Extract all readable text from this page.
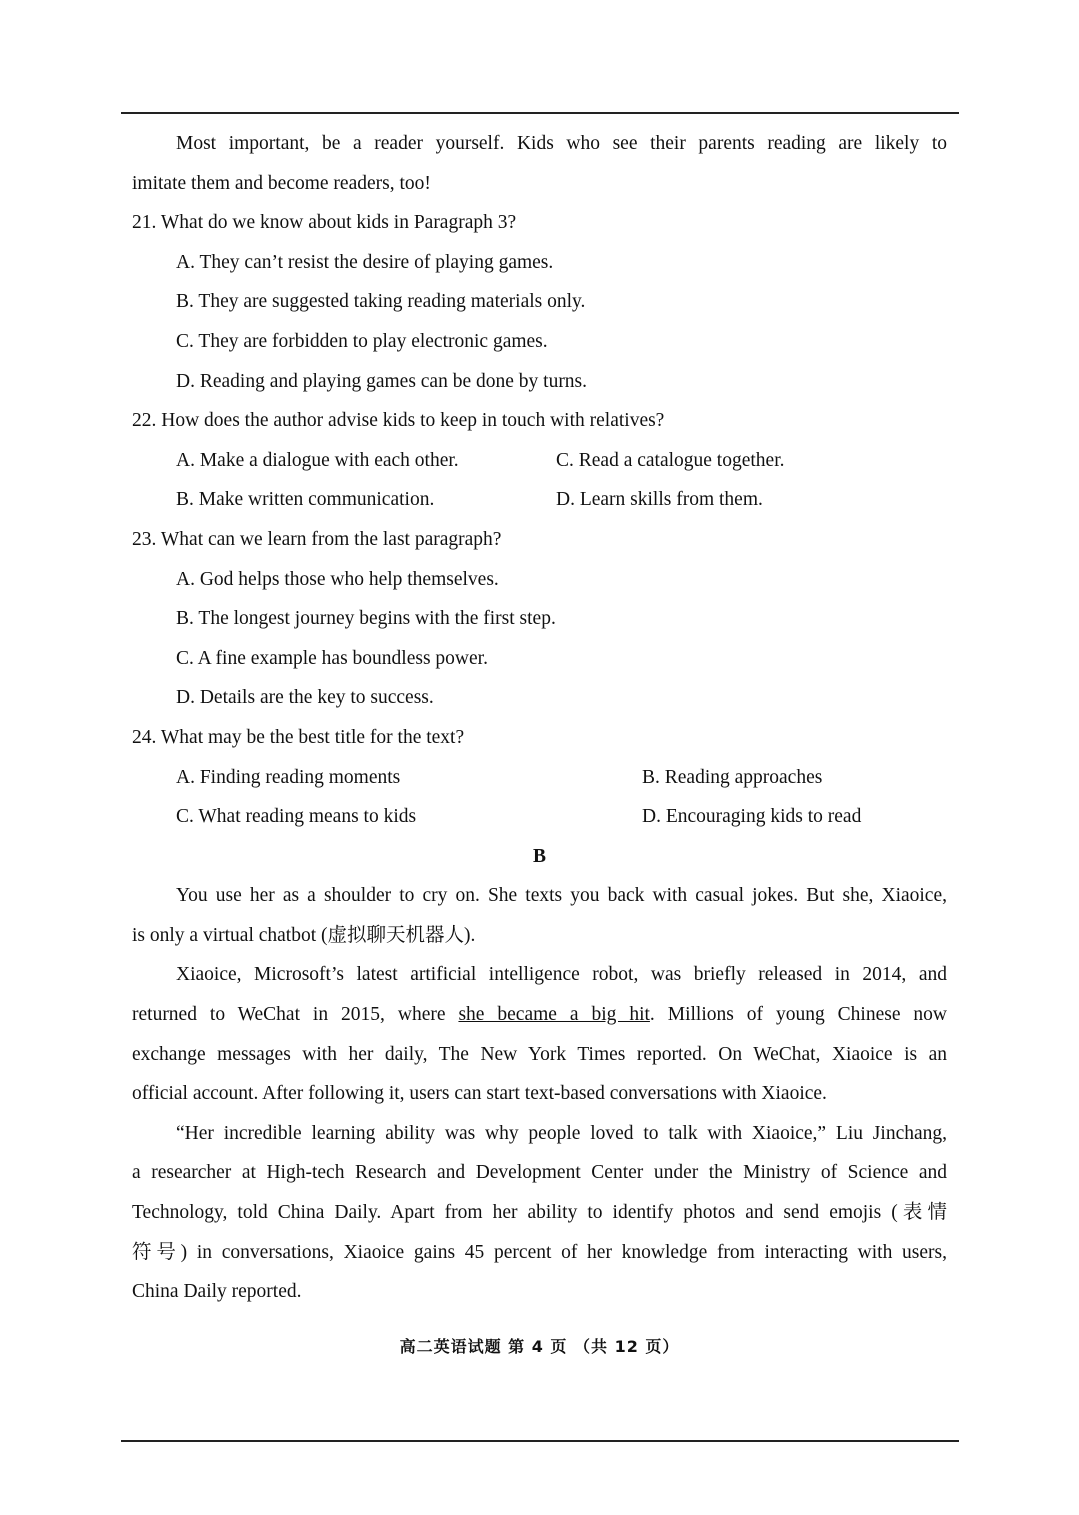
Most important, be a reader yourself. Kids who see their parents reading are likely to
imitate them and become readers, too!
21. What do we know about kids in Paragraph 3?
A. They can’t resist the desire of playing games.
B. They are suggested taking reading materials only.
C. They are forbidden to play electronic games.
D. Reading and playing games can be done by turns.
22. How does the author advise kids to keep in touch with relatives?
A. Make a dialogue with each other.	C. Read a catalogue together.
B. Make written communication.	D. Learn skills from them.
23. What can we learn from the last paragraph?
A. God helps those who help themselves.
B. The longest journey begins with the first step.
C. A fine example has boundless power.
D. Details are the key to success.
24. What may be the best title for the text?
A. Finding reading moments	B. Reading approaches
C. What reading means to kids	D. Encouraging kids to read
B
You use her as a shoulder to cry on. She texts you back with casual jokes. But she, Xiaoice,
is only a virtual chatbot (虚拟聊天机器人).
Xiaoice, Microsoft’s latest artificial intelligence robot, was briefly released in 2014, and
returned to WeChat in 2015, where she became a big hit. Millions of young Chinese now
exchange messages with her daily, The New York Times reported. On WeChat, Xiaoice is an
official account. After following it, users can start text-based conversations with Xiaoice.
“Her incredible learning ability was why people loved to talk with Xiaoice,” Liu Jinchang,
a researcher at High-tech Research and Development Center under the Ministry of Science and
Technology, told China Daily. Apart from her ability to identify photos and send emojis (表情
符号) in conversations, Xiaoice gains 45 percent of her knowledge from interacting with users,
China Daily reported.
高二英语试题 第 4 页 （共 12 页）
